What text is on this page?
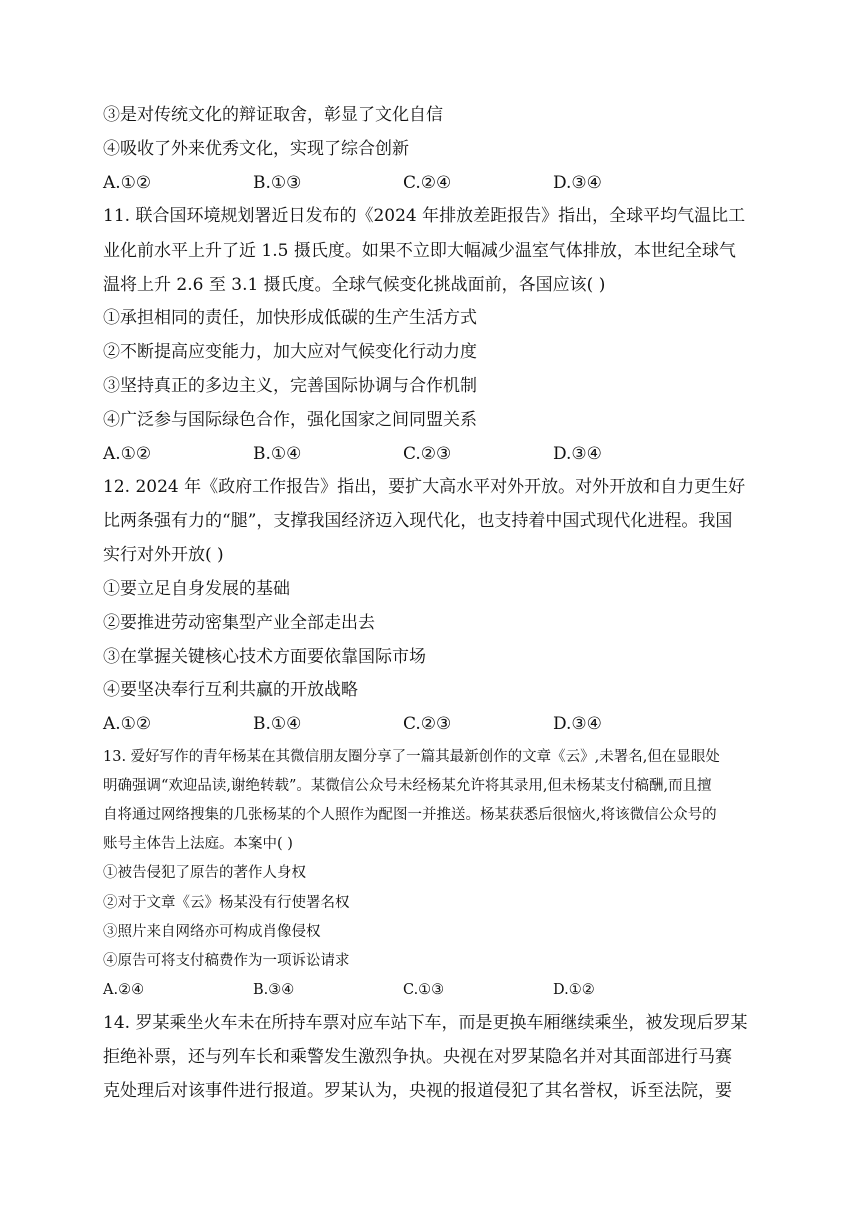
③是对传统文化的辩证取舍，彰显了文化自信
④吸收了外来优秀文化，实现了综合创新
A.①②	B.①③	C.②④	D.③④
11. 联合国环境规划署近日发布的《2024 年排放差距报告》指出，全球平均气温比工
业化前水平上升了近 1.5 摄氏度。如果不立即大幅减少温室气体排放，本世纪全球气
温将上升 2.6 至 3.1 摄氏度。全球气候变化挑战面前，各国应该( )
①承担相同的责任，加快形成低碳的生产生活方式
②不断提高应变能力，加大应对气候变化行动力度
③坚持真正的多边主义，完善国际协调与合作机制
④广泛参与国际绿色合作，强化国家之间同盟关系
A.①②	B.①④	C.②③	D.③④
12. 2024 年《政府工作报告》指出，要扩大高水平对外开放。对外开放和自力更生好
比两条强有力的“腿”，支撑我国经济迈入现代化，也支持着中国式现代化进程。我国
实行对外开放( )
①要立足自身发展的基础
②要推进劳动密集型产业全部走出去
③在掌握关键核心技术方面要依靠国际市场
④要坚决奉行互利共赢的开放战略
A.①②	B.①④	C.②③	D.③④
13. 爱好写作的青年杨某在其微信朋友圈分享了一篇其最新创作的文章《云》,未署名,但在显眼处
明确强调“欢迎品读,谢绝转载”。某微信公众号未经杨某允许将其录用,但未杨某支付稿酬,而且擅
自将通过网络搜集的几张杨某的个人照作为配图一并推送。杨某获悉后很恼火,将该微信公众号的
账号主体告上法庭。本案中( )
①被告侵犯了原告的著作人身权
②对于文章《云》杨某没有行使署名权
③照片来自网络亦可构成肖像侵权
④原告可将支付稿费作为一项诉讼请求
A.②④	B.③④	C.①③	D.①②
14. 罗某乘坐火车未在所持车票对应车站下车，而是更换车厢继续乘坐，被发现后罗某
拒绝补票，还与列车长和乘警发生激烈争执。央视在对罗某隐名并对其面部进行马赛
克处理后对该事件进行报道。罗某认为，央视的报道侵犯了其名誉权，诉至法院，要
